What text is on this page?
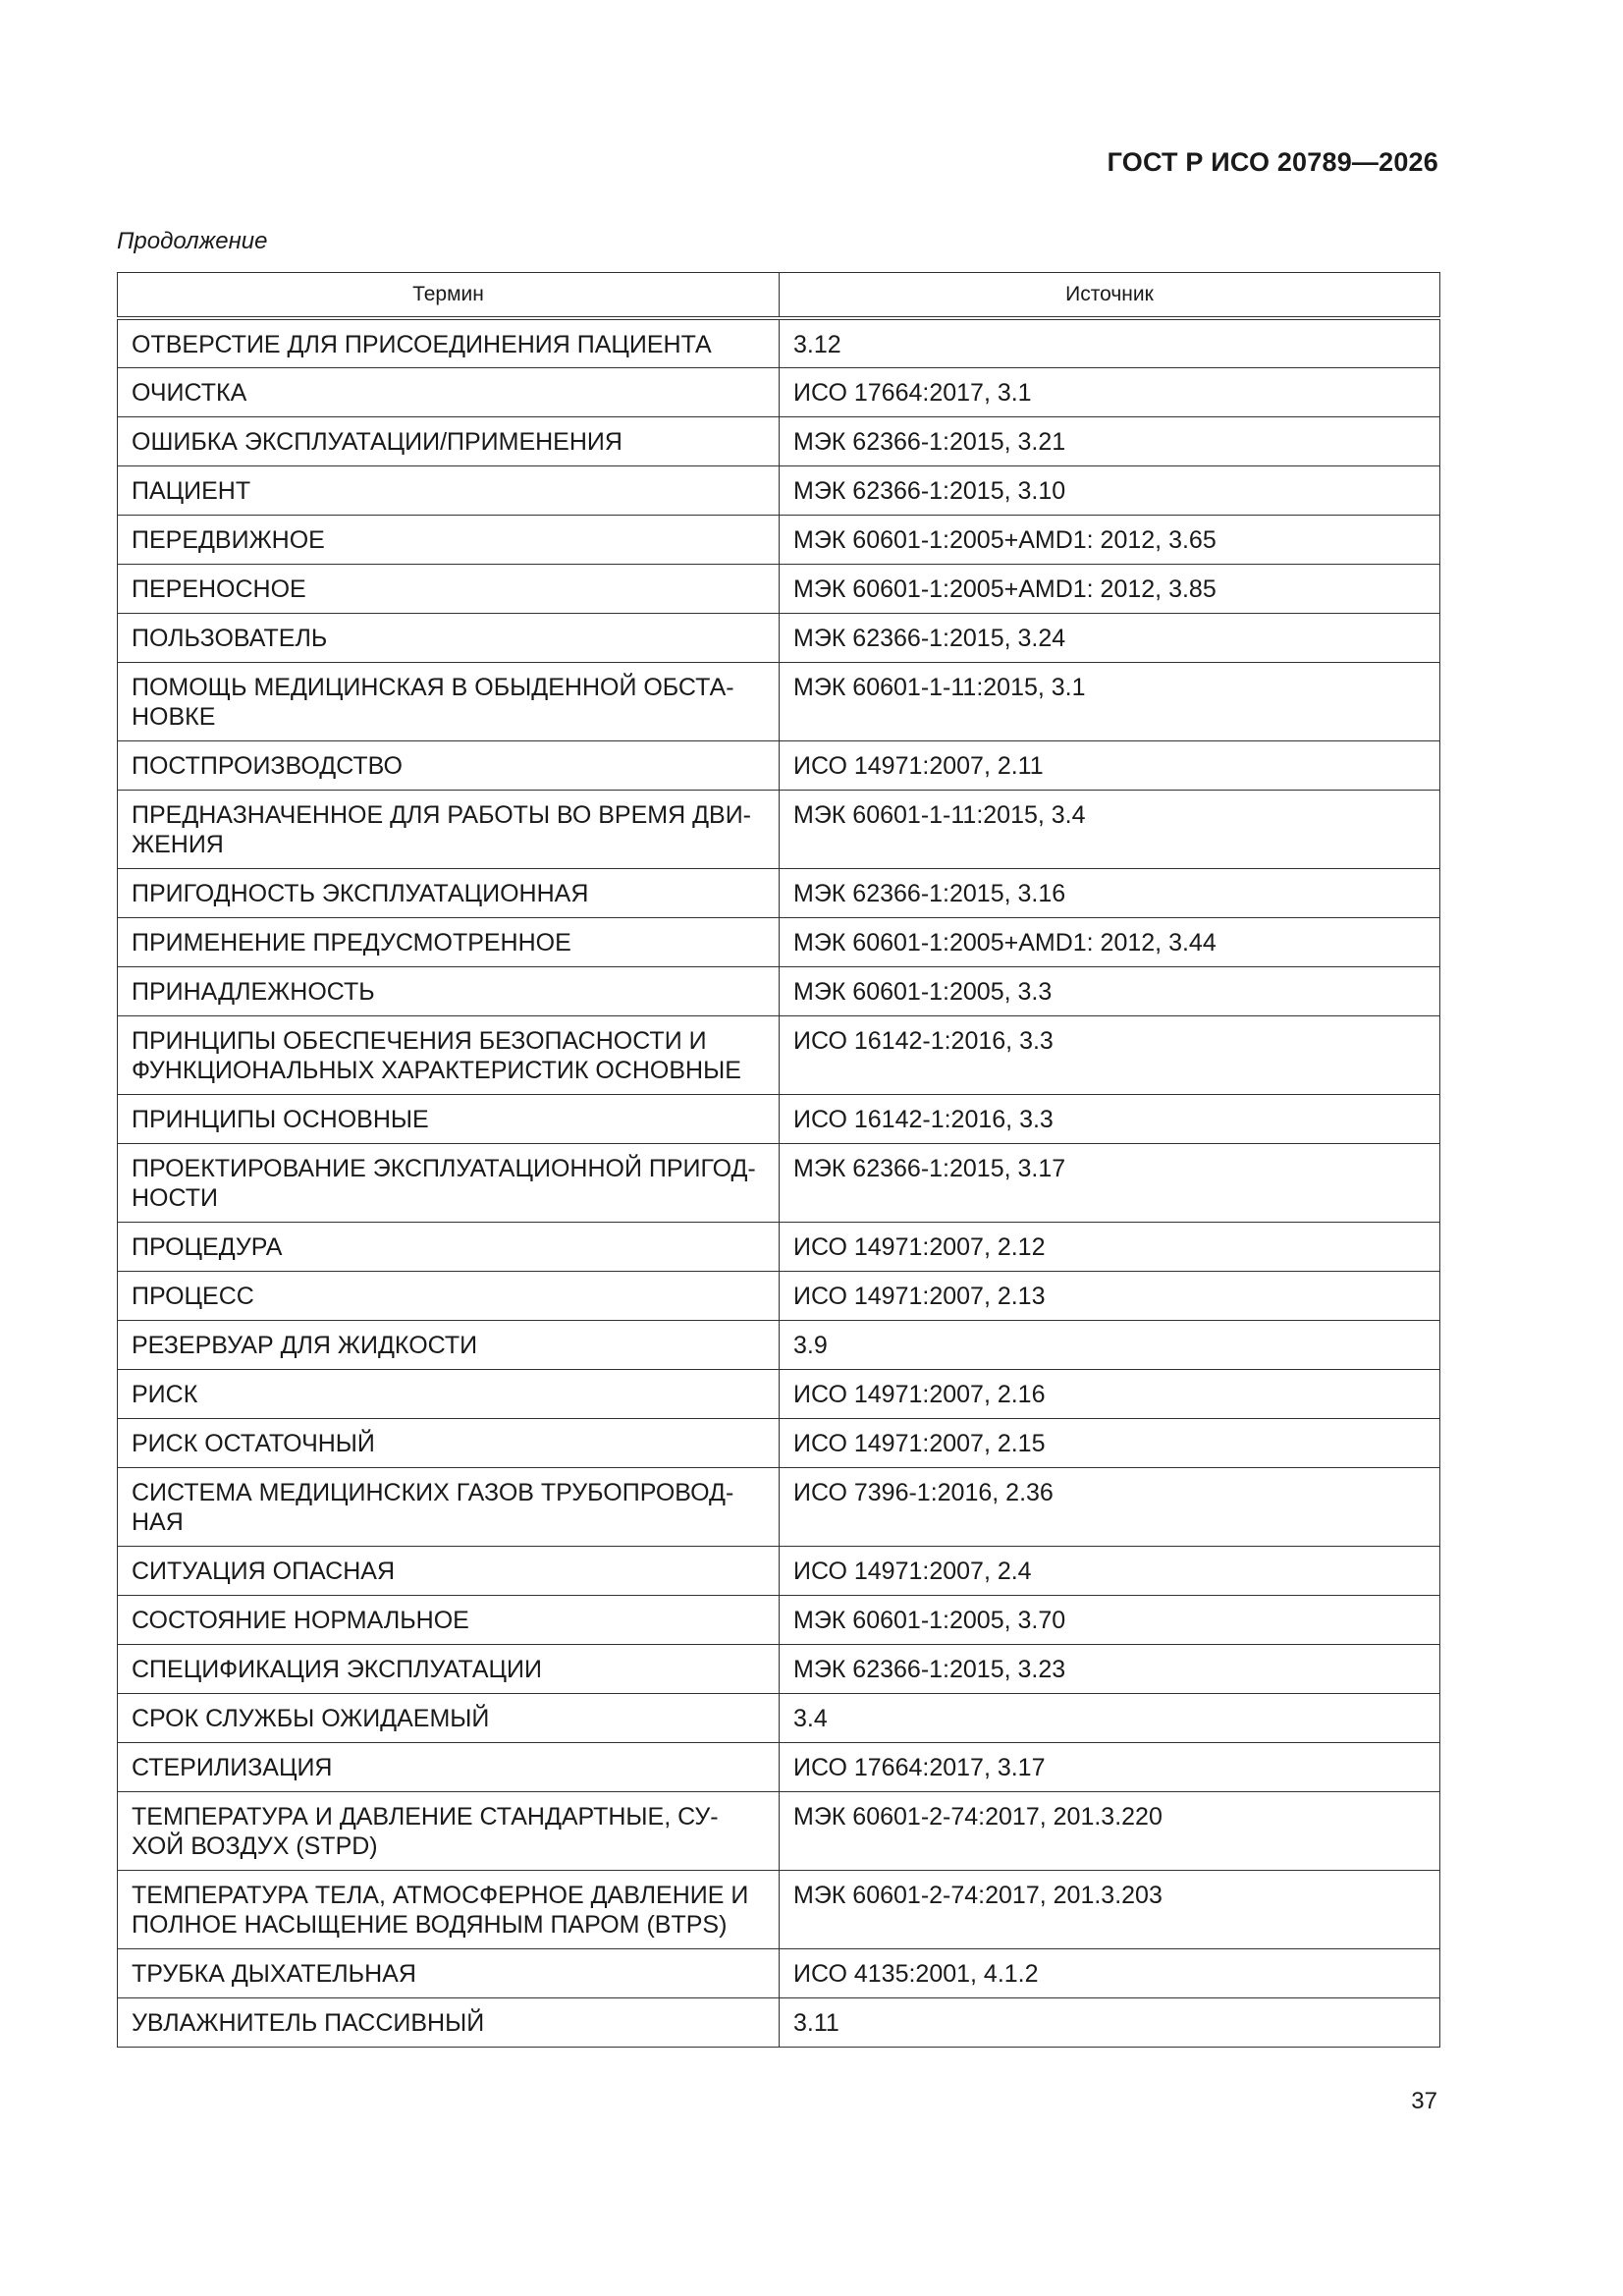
ГОСТ Р ИСО 20789—2026
Продолжение
Термин	Источник
ОТВЕРСТИЕ ДЛЯ ПРИСОЕДИНЕНИЯ ПАЦИЕНТА	3.12
ОЧИСТКА	ИСО 17664:2017, 3.1
ОШИБКА ЭКСПЛУАТАЦИИ/ПРИМЕНЕНИЯ	МЭК 62366-1:2015, 3.21
ПАЦИЕНТ	МЭК 62366-1:2015, 3.10
ПЕРЕДВИЖНОЕ	МЭК 60601-1:2005+AMD1: 2012, 3.65
ПЕРЕНОСНОЕ	МЭК 60601-1:2005+AMD1: 2012, 3.85
ПОЛЬЗОВАТЕЛЬ	МЭК 62366-1:2015, 3.24

ПОМОЩЬ МЕДИЦИНСКАЯ В ОБЫДЕННОЙ ОБСТА-
НОВКЕ	МЭК 60601-1-11:2015, 3.1
ПОСТПРОИЗВОДСТВО	ИСО 14971:2007, 2.11

ПРЕДНАЗНАЧЕННОЕ ДЛЯ РАБОТЫ ВО ВРЕМЯ ДВИ-
ЖЕНИЯ	МЭК 60601-1-11:2015, 3.4
ПРИГОДНОСТЬ ЭКСПЛУАТАЦИОННАЯ	МЭК 62366-1:2015, 3.16
ПРИМЕНЕНИЕ ПРЕДУСМОТРЕННОЕ	МЭК 60601-1:2005+AMD1: 2012, 3.44
ПРИНАДЛЕЖНОСТЬ	МЭК 60601-1:2005, 3.3

ПРИНЦИПЫ ОБЕСПЕЧЕНИЯ БЕЗОПАСНОСТИ И
ФУНКЦИОНАЛЬНЫХ ХАРАКТЕРИСТИК ОСНОВНЫЕ	ИСО 16142-1:2016, 3.3
ПРИНЦИПЫ ОСНОВНЫЕ	ИСО 16142-1:2016, 3.3

ПРОЕКТИРОВАНИЕ ЭКСПЛУАТАЦИОННОЙ ПРИГОД-
НОСТИ	МЭК 62366-1:2015, 3.17
ПРОЦЕДУРА	ИСО 14971:2007, 2.12
ПРОЦЕСС	ИСО 14971:2007, 2.13
РЕЗЕРВУАР ДЛЯ ЖИДКОСТИ	3.9
РИСК	ИСО 14971:2007, 2.16
РИСК ОСТАТОЧНЫЙ	ИСО 14971:2007, 2.15

СИСТЕМА МЕДИЦИНСКИХ ГАЗОВ ТРУБОПРОВОД-
НАЯ	ИСО 7396-1:2016, 2.36
СИТУАЦИЯ ОПАСНАЯ	ИСО 14971:2007, 2.4
СОСТОЯНИЕ НОРМАЛЬНОЕ	МЭК 60601-1:2005, 3.70
СПЕЦИФИКАЦИЯ ЭКСПЛУАТАЦИИ	МЭК 62366-1:2015, 3.23
СРОК СЛУЖБЫ ОЖИДАЕМЫЙ	3.4
СТЕРИЛИЗАЦИЯ	ИСО 17664:2017, 3.17

ТЕМПЕРАТУРА И ДАВЛЕНИЕ СТАНДАРТНЫЕ, СУ-
ХОЙ ВОЗДУХ (STPD)	МЭК 60601-2-74:2017, 201.3.220

ТЕМПЕРАТУРА ТЕЛА, АТМОСФЕРНОЕ ДАВЛЕНИЕ И
ПОЛНОЕ НАСЫЩЕНИЕ ВОДЯНЫМ ПАРОМ (BTPS)	МЭК 60601-2-74:2017, 201.3.203
ТРУБКА ДЫХАТЕЛЬНАЯ	ИСО 4135:2001, 4.1.2
УВЛАЖНИТЕЛЬ ПАССИВНЫЙ	3.11
37
